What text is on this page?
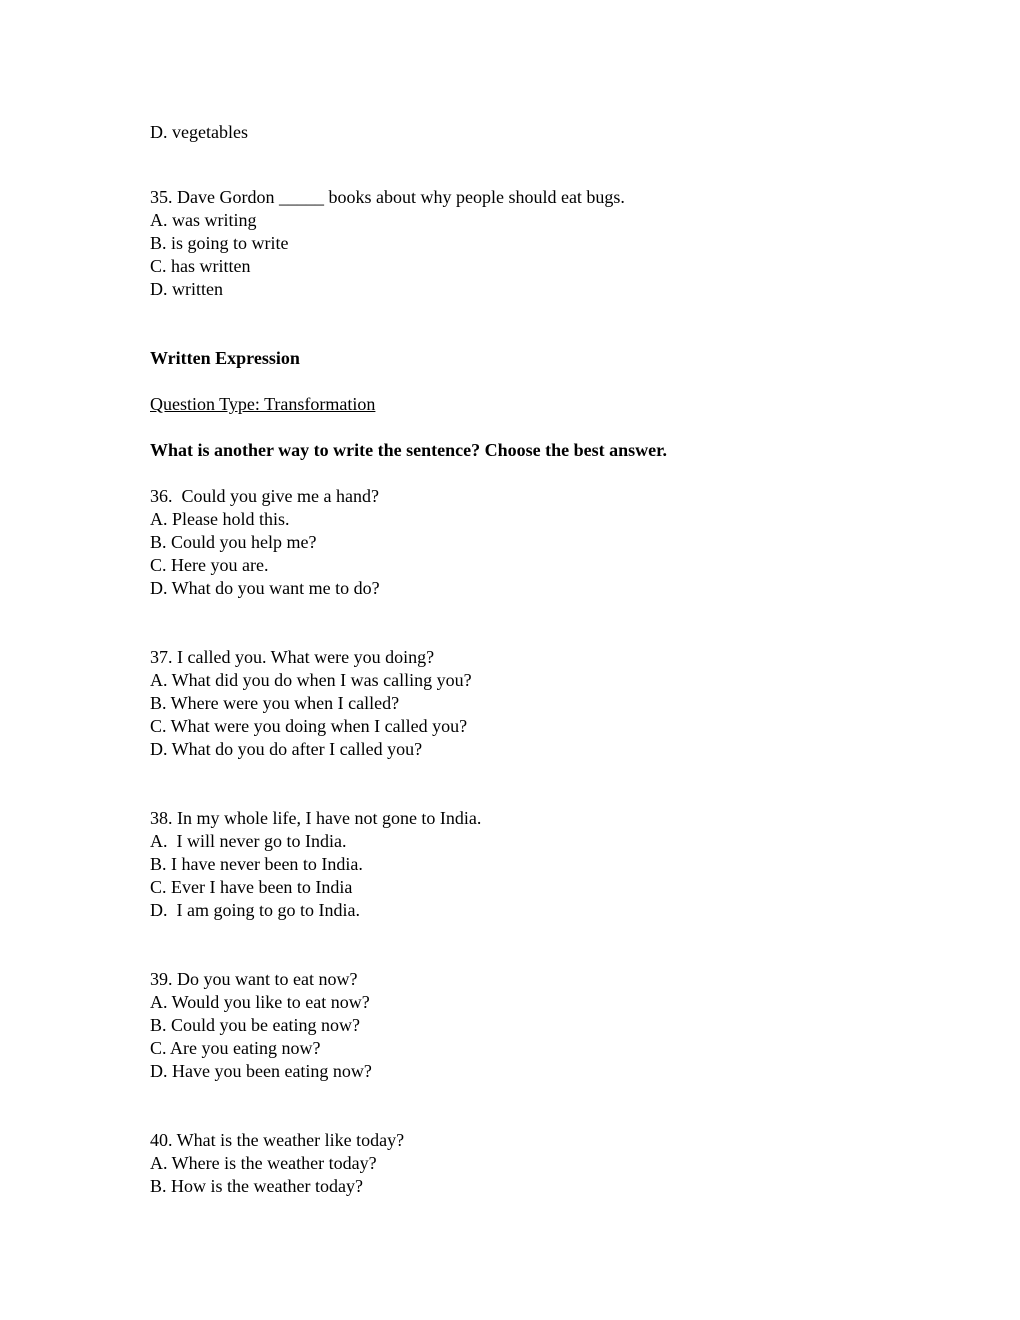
D. vegetables
35. Dave Gordon _____ books about why people should eat bugs.
A. was writing
B. is going to write
C. has written
D. written
Written Expression
Question Type: Transformation
What is another way to write the sentence? Choose the best answer.
36.  Could you give me a hand?
A. Please hold this.
B. Could you help me?
C. Here you are.
D. What do you want me to do?
37. I called you. What were you doing?
A. What did you do when I was calling you?
B. Where were you when I called?
C. What were you doing when I called you?
D. What do you do after I called you?
38. In my whole life, I have not gone to India.
A.  I will never go to India.
B. I have never been to India.
C. Ever I have been to India
D.  I am going to go to India.
39. Do you want to eat now?
A. Would you like to eat now?
B. Could you be eating now?
C. Are you eating now?
D. Have you been eating now?
40. What is the weather like today?
A. Where is the weather today?
B. How is the weather today?
